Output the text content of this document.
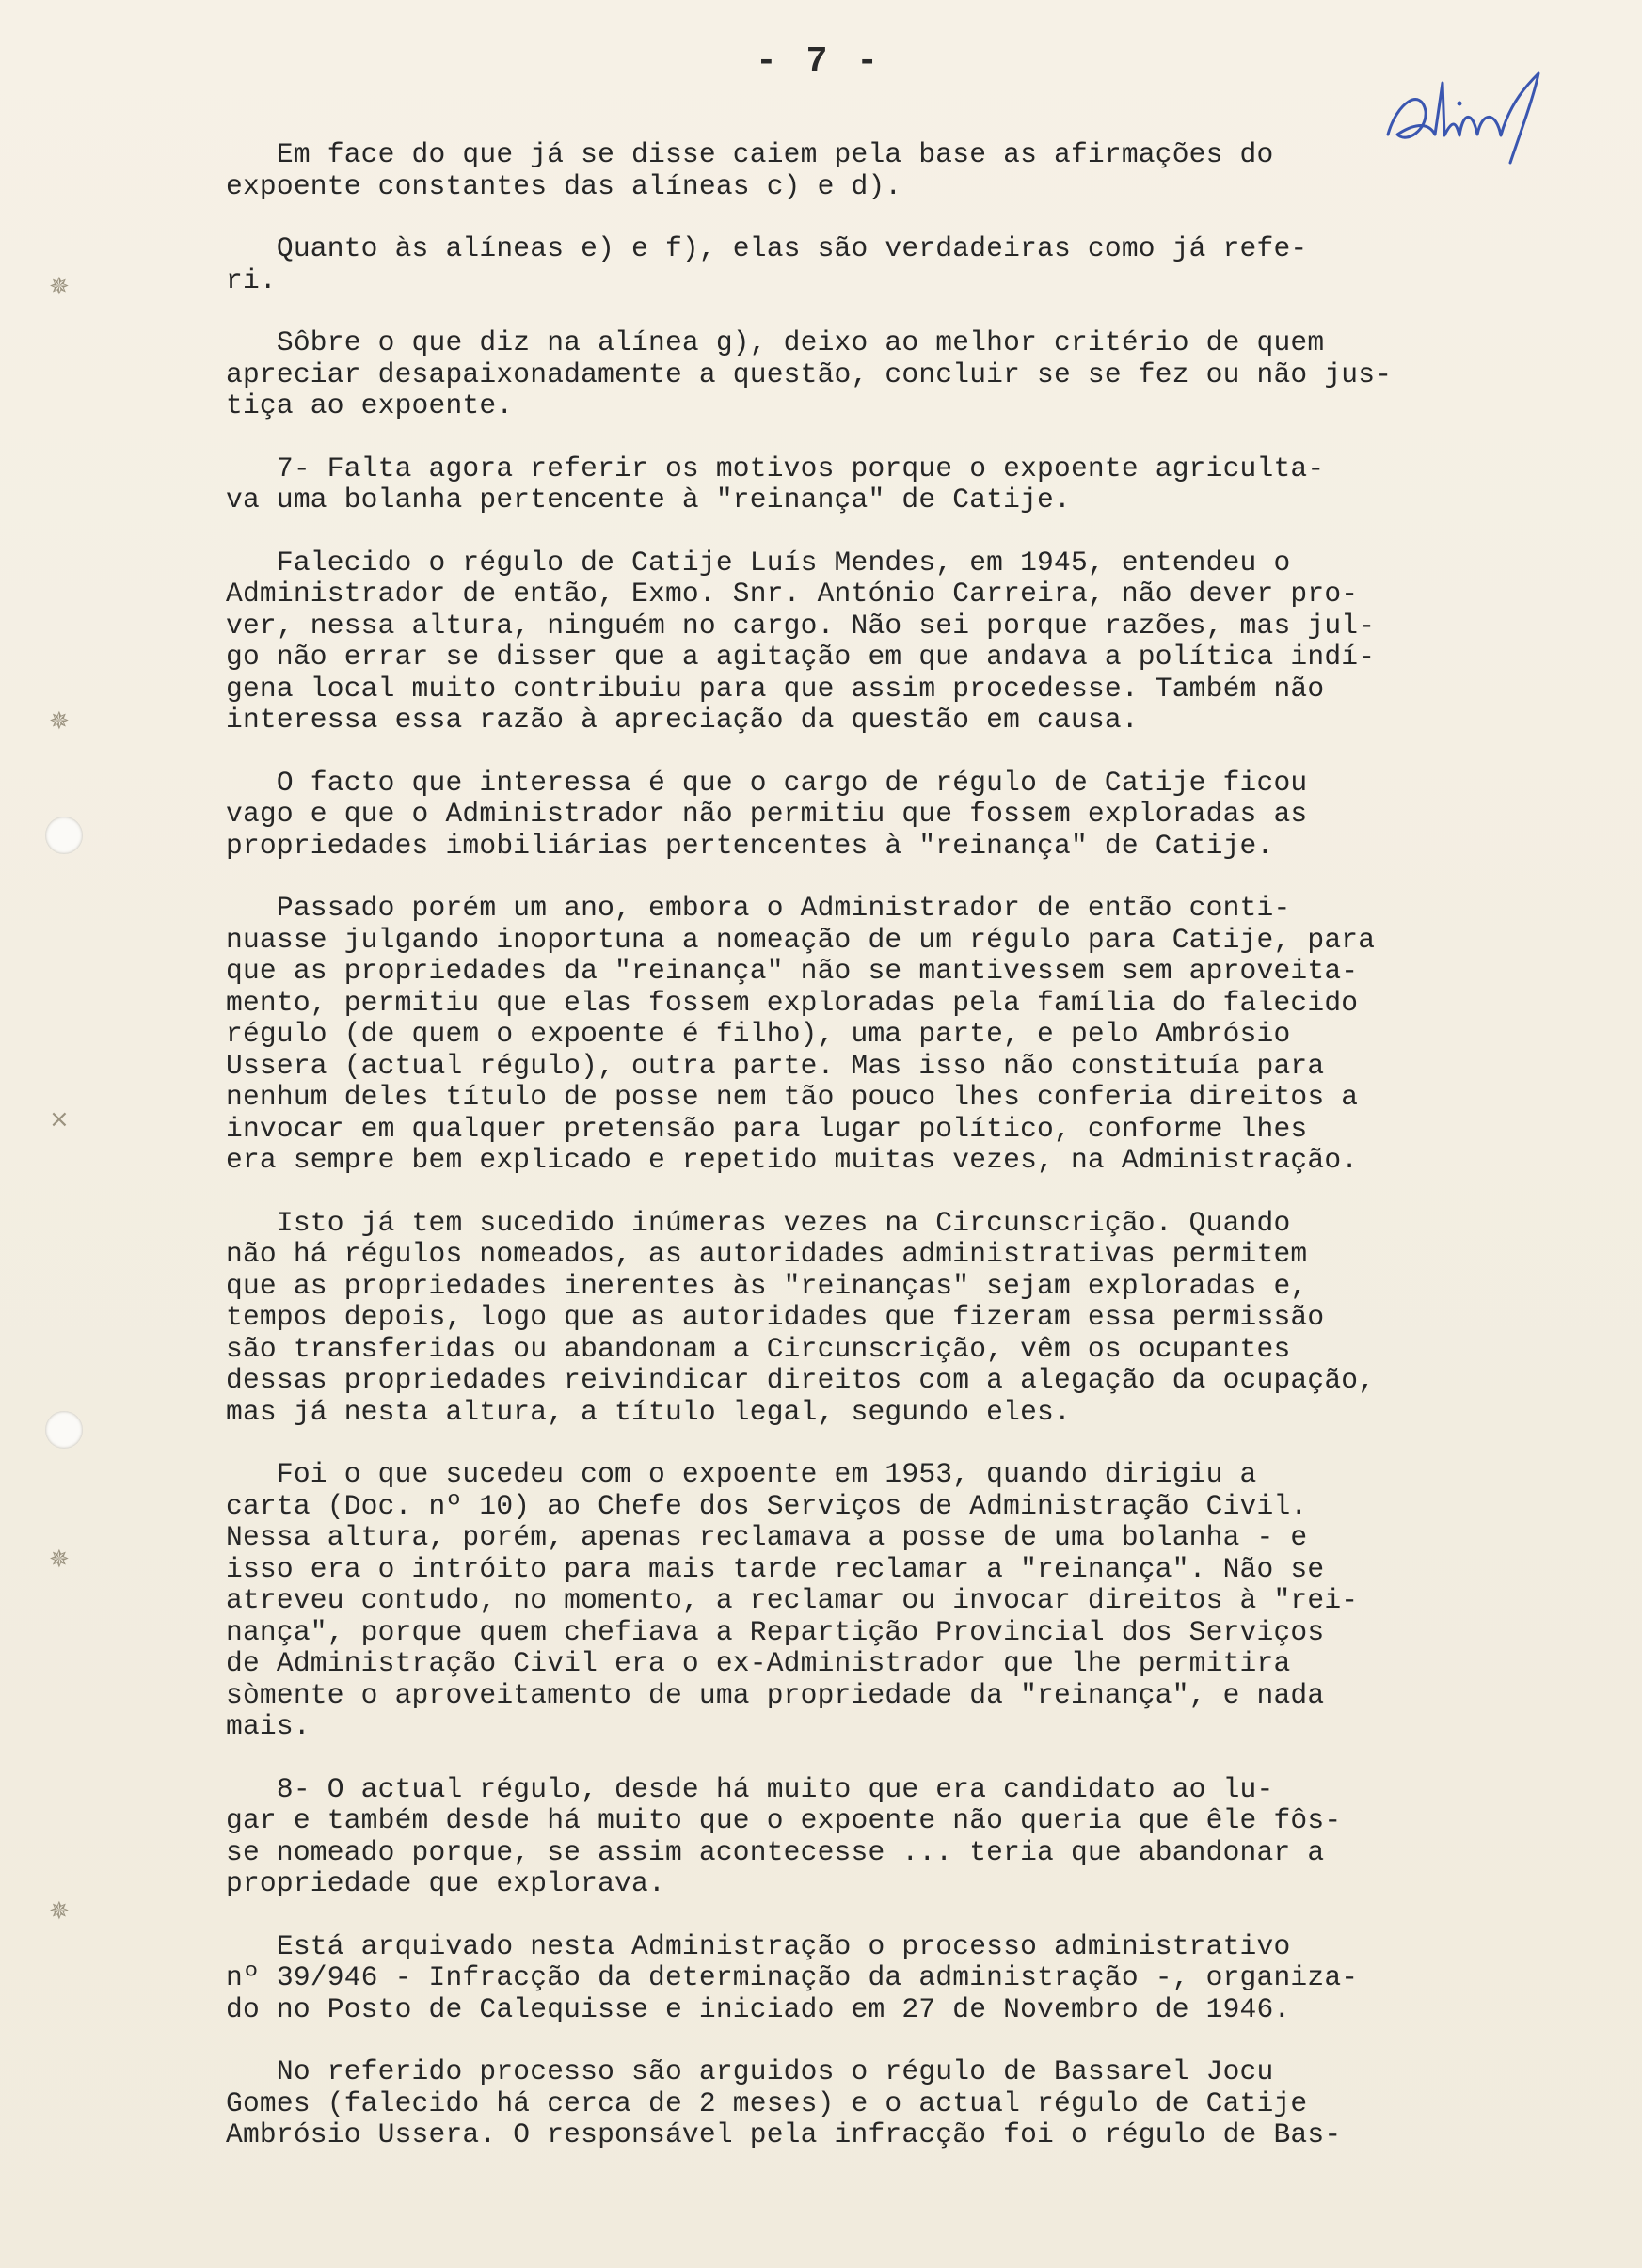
✵
✵
×
✵
✵
- 7 -
Em face do que já se disse caiem pela base as afirmações do
expoente constantes das alíneas c) e d).
Quanto às alíneas e) e f), elas são verdadeiras como já refe-
ri.
Sôbre o que diz na alínea g), deixo ao melhor critério de quem
apreciar desapaixonadamente a questão, concluir se se fez ou não jus-
tiça ao expoente.
7- Falta agora referir os motivos porque o expoente agricultа-
va uma bolanha pertencente à "reinança" de Catije.
Falecido o régulo de Catije Luís Mendes, em 1945, entendeu o
Administrador de então, Exmo. Snr. António Carreira, não dever pro-
ver, nessa altura, ninguém no cargo. Não sei porque razões, mas jul-
go não errar se disser que a agitação em que andava a política indí-
gena local muito contribuiu para que assim procedesse. Também não
interessa essa razão à apreciação da questão em causa.
O facto que interessa é que o cargo de régulo de Catije ficou
vago e que o Administrador não permitiu que fossem exploradas as
propriedades imobiliárias pertencentes à "reinança" de Catije.
Passado porém um ano, embora o Administrador de então conti-
nuasse julgando inoportuna a nomeação de um régulo para Catije, para
que as propriedades da "reinança" não se mantivessem sem aproveita-
mento, permitiu que elas fossem exploradas pela família do falecido
régulo (de quem o expoente é filho), uma parte, e pelo Ambrósio
Ussera (actual régulo), outra parte. Mas isso não constituía para
nenhum deles título de posse nem tão pouco lhes conferia direitos a
invocar em qualquer pretensão para lugar político, conforme lhes
era sempre bem explicado e repetido muitas vezes, na Administração.
Isto já tem sucedido inúmeras vezes na Circunscrição. Quando
não há régulos nomeados, as autoridades administrativas permitem
que as propriedades inerentes às "reinanças" sejam exploradas e,
tempos depois, logo que as autoridades que fizeram essa permissão
são transferidas ou abandonam a Circunscrição, vêm os ocupantes
dessas propriedades reivindicar direitos com a alegação da ocupação,
mas já nesta altura, a título legal, segundo eles.
Foi o que sucedeu com o expoente em 1953, quando dirigiu a
carta (Doc. nº 10) ao Chefe dos Serviços de Administração Civil.
Nessa altura, porém, apenas reclamava a posse de uma bolanha - e
isso era o intróito para mais tarde reclamar a "reinança". Não se
atreveu contudo, no momento, a reclamar ou invocar direitos à "rei-
nança", porque quem chefiava a Repartição Provincial dos Serviços
de Administração Civil era o ex-Administrador que lhe permitira
sòmente o aproveitamento de uma propriedade da "reinança", e nada
mais.
8- O actual régulo, desde há muito que era candidato ao lu-
gar e também desde há muito que o expoente não queria que êle fôs-
se nomeado porque, se assim acontecesse ... teria que abandonar a
propriedade que explorava.
Está arquivado nesta Administração o processo administrativo
nº 39/946 - Infracção da determinação da administração -, organiza-
do no Posto de Calequisse e iniciado em 27 de Novembro de 1946.
No referido processo são arguidos o régulo de Bassarel Jocu
Gomes (falecido há cerca de 2 meses) e o actual régulo de Catije
Ambrósio Ussera. O responsável pela infracção foi o régulo de Bas-
